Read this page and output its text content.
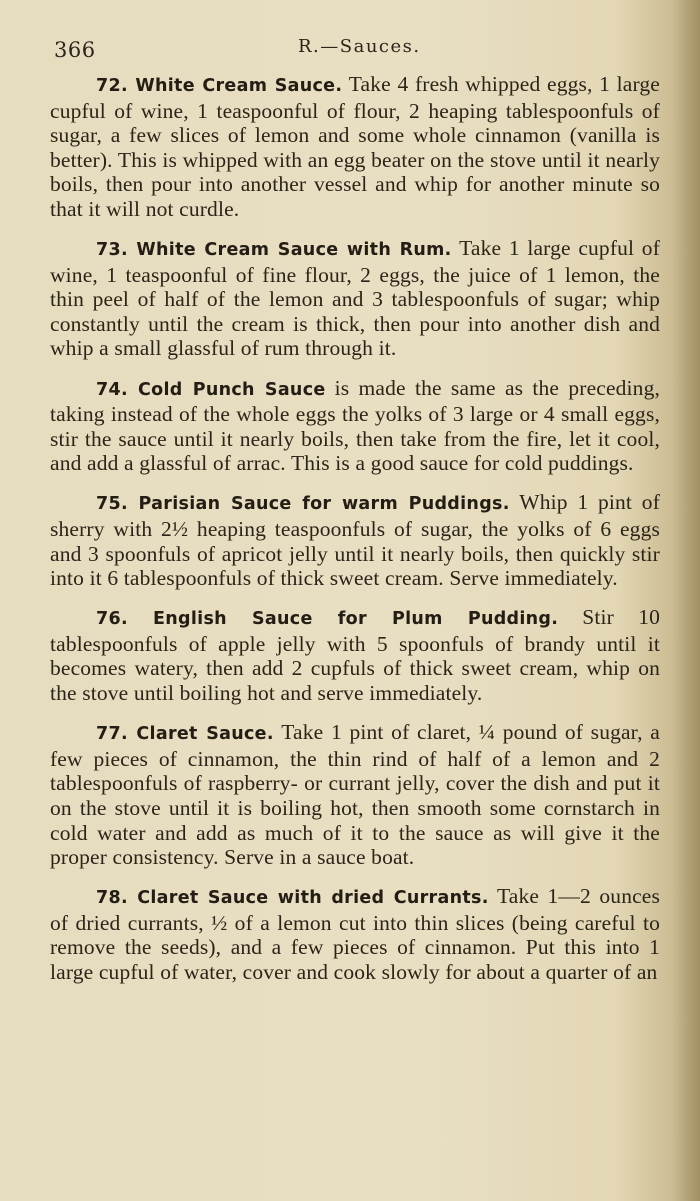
366	R.—Sauces.

72. White Cream Sauce. Take 4 fresh whipped eggs, 1 large cupful of wine, 1 teaspoonful of flour, 2 heaping tablespoonfuls of sugar, a few slices of lemon and some whole cinnamon (vanilla is better). This is whipped with an egg beater on the stove until it nearly boils, then pour into another vessel and whip for another minute so that it will not curdle.

73. White Cream Sauce with Rum. Take 1 large cupful of wine, 1 teaspoonful of fine flour, 2 eggs, the juice of 1 lemon, the thin peel of half of the lemon and 3 tablespoonfuls of sugar; whip constantly until the cream is thick, then pour into another dish and whip a small glassful of rum through it.

74. Cold Punch Sauce is made the same as the preceding, taking instead of the whole eggs the yolks of 3 large or 4 small eggs, stir the sauce until it nearly boils, then take from the fire, let it cool, and add a glassful of arrac. This is a good sauce for cold puddings.

75. Parisian Sauce for warm Puddings. Whip 1 pint of sherry with 2½ heaping teaspoonfuls of sugar, the yolks of 6 eggs and 3 spoonfuls of apricot jelly until it nearly boils, then quickly stir into it 6 tablespoonfuls of thick sweet cream. Serve immediately.

76. English Sauce for Plum Pudding. Stir 10 tablespoonfuls of apple jelly with 5 spoonfuls of brandy until it becomes watery, then add 2 cupfuls of thick sweet cream, whip on the stove until boiling hot and serve immediately.

77. Claret Sauce. Take 1 pint of claret, ¼ pound of sugar, a few pieces of cinnamon, the thin rind of half of a lemon and 2 tablespoonfuls of raspberry- or currant jelly, cover the dish and put it on the stove until it is boiling hot, then smooth some cornstarch in cold water and add as much of it to the sauce as will give it the proper consistency. Serve in a sauce boat.

78. Claret Sauce with dried Currants. Take 1—2 ounces of dried currants, ½ of a lemon cut into thin slices (being careful to remove the seeds), and a few pieces of cinnamon. Put this into 1 large cupful of water, cover and cook slowly for about a quarter of an
